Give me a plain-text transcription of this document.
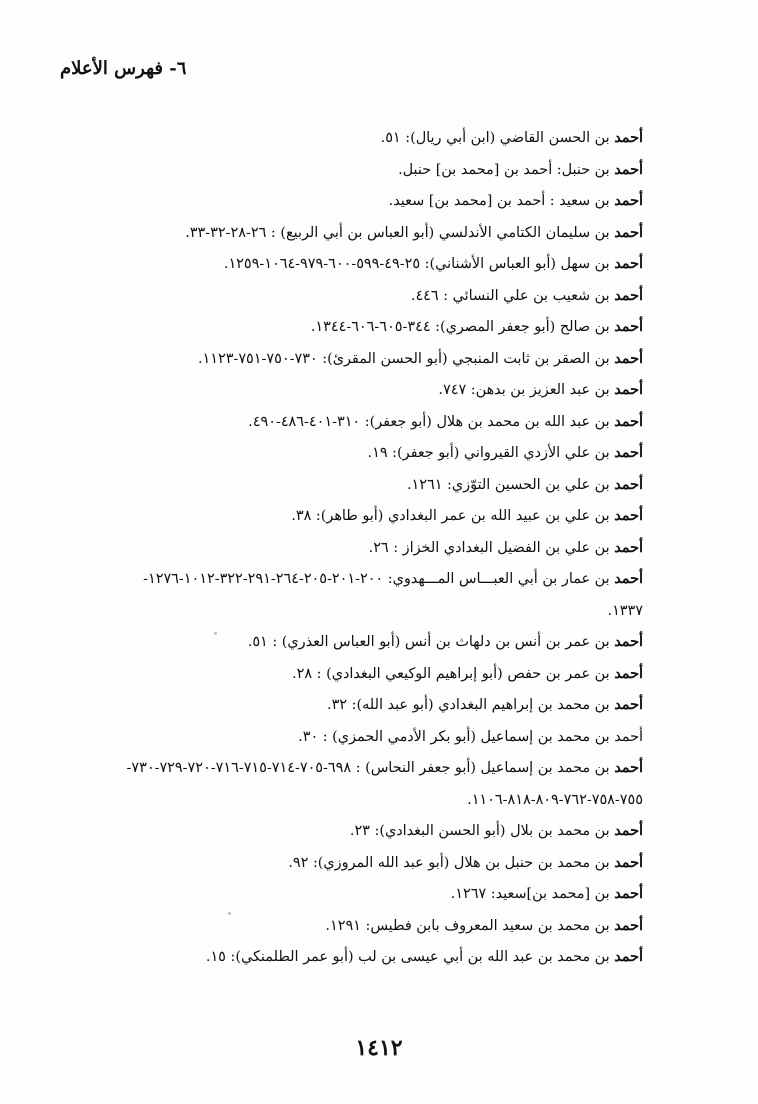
٦- فهرس الأعلام
أحمد بن الحسن القاضي (ابن أبي ريال): ٥١.
أحمد بن حنبل: أحمد بن [محمد بن] حنبل.
أحمد بن سعيد : أحمد بن [محمد بن] سعيد.
أحمد بن سليمان الكتامي الأندلسي (أبو العباس بن أبي الربيع) : ٢٦-٢٨-٣٢-٣٣.
أحمد بن سهل (أبو العباس الأشناني): ٢٥-٤٩-٥٩٩-٦٠٠-٩٧٩-١٠٦٤-١٢٥٩.
أحمد بن شعيب بن علي النسائي : ٤٤٦.
أحمد بن صالح (أبو جعفر المصري): ٣٤٤-٦٠٥-٦٠٦-١٣٤٤.
أحمد بن الصقر بن ثابت المنبجي (أبو الحسن المقرئ): ٧٣٠-٧٥٠-٧٥١-١١٢٣.
أحمد بن عبد العزيز بن بدهن: ٧٤٧.
أحمد بن عبد الله بن محمد بن هلال (أبو جعفر): ٣١٠-٤٠١-٤٨٦-٤٩٠.
أحمد بن علي الأزدي القيرواني (أبو جعفر): ١٩.
أحمد بن علي بن الحسين التوّزي: ١٢٦١.
أحمد بن علي بن عبيد الله بن عمر البغدادي (أبو طاهر): ٣٨.
أحمد بن علي بن الفضيل البغدادي الخزاز : ٢٦.
أحمد بن عمار بن أبي العبـــاس المـــهدوي: ٢٠٠-٢٠١-٢٠٥-٢٦٤-٢٩١-٣٢٢-١٠١٢-١٢٧٦-
١٣٣٧.
أحمد بن عمر بن أنس بن دلهاث بن أنس (أبو العباس العذري) : ٥١.
أحمد بن عمر بن حفص (أبو إبراهيم الوكيعي البغدادي) : ٢٨.
أحمد بن محمد بن إبراهيم البغدادي (أبو عبد الله): ٣٢.
أحمد بن محمد بن إسماعيل (أبو بكر الأدمي الحمزي) : ٣٠.
أحمد بن محمد بن إسماعيل (أبو جعفر النحاس) : ٦٩٨-٧٠٥-٧١٤-٧١٥-٧١٦-٧٢٠-٧٢٩-٧٣٠-
٧٥٥-٧٥٨-٧٦٢-٨٠٩-٨١٨-١١٠٦.
أحمد بن محمد بن بلال (أبو الحسن البغدادي): ٢٣.
أحمد بن محمد بن حنبل بن هلال (أبو عبد الله المروزي): ٩٢.
أحمد بن [محمد بن]سعيد: ١٢٦٧.
أحمد بن محمد بن سعيد المعروف بابن فطيس: ١٢٩١.
أحمد بن محمد بن عبد الله بن أبي عيسى بن لب (أبو عمر الطلمنكي): ١٥.
١٤١٢
